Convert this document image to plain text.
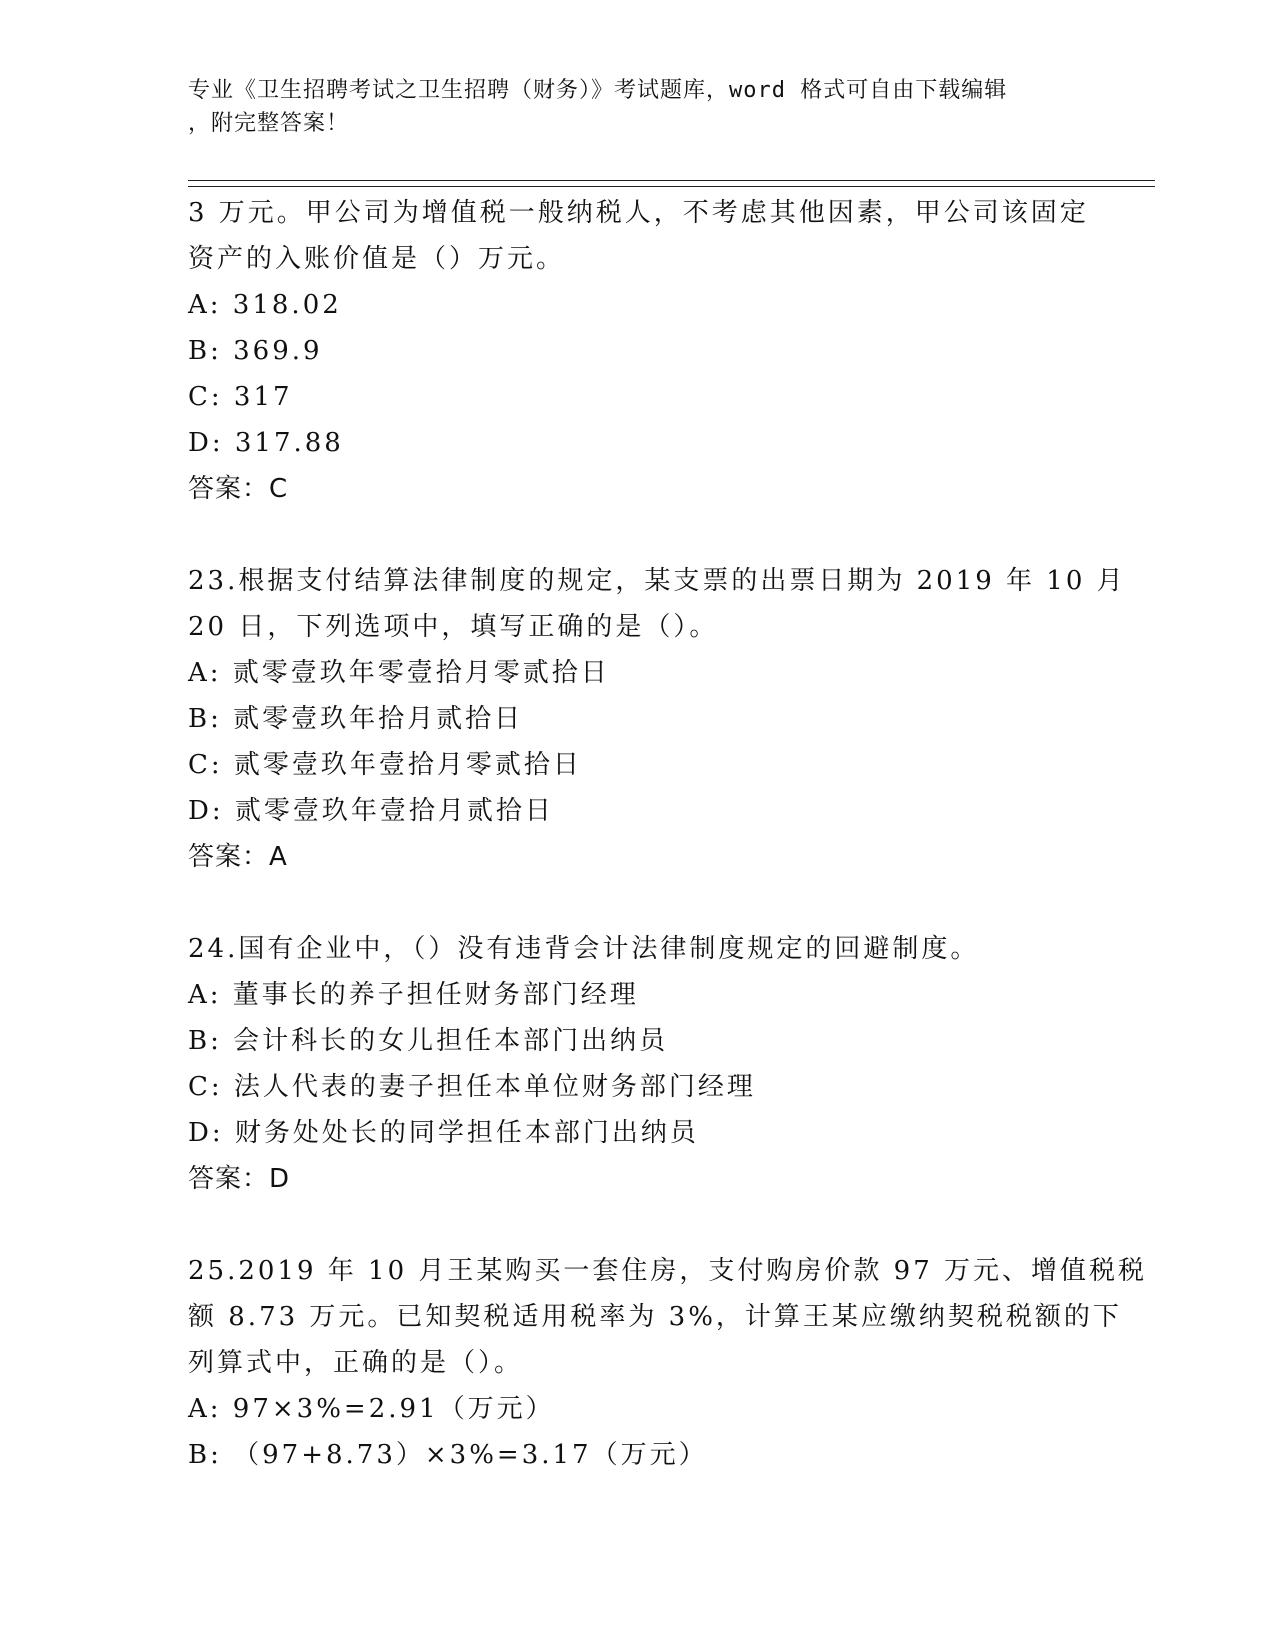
专业《卫生招聘考试之卫生招聘（财务）》考试题库，word 格式可自由下载编辑
，附完整答案！
3 万元。甲公司为增值税一般纳税人，不考虑其他因素，甲公司该固定
资产的入账价值是（）万元。
A: 318.02
B: 369.9
C: 317
D: 317.88
答案：C
23.根据支付结算法律制度的规定，某支票的出票日期为 2019 年 10 月
20 日，下列选项中，填写正确的是（）。
A: 贰零壹玖年零壹拾月零贰拾日
B: 贰零壹玖年拾月贰拾日
C: 贰零壹玖年壹拾月零贰拾日
D: 贰零壹玖年壹拾月贰拾日
答案：A
24.国有企业中，（）没有违背会计法律制度规定的回避制度。
A: 董事长的养子担任财务部门经理
B: 会计科长的女儿担任本部门出纳员
C: 法人代表的妻子担任本单位财务部门经理
D: 财务处处长的同学担任本部门出纳员
答案：D
25.2019 年 10 月王某购买一套住房，支付购房价款 97 万元、增值税税
额 8.73 万元。已知契税适用税率为 3%，计算王某应缴纳契税税额的下
列算式中，正确的是（）。
A: 97×3%=2.91（万元）
B: （97+8.73）×3%=3.17（万元）
